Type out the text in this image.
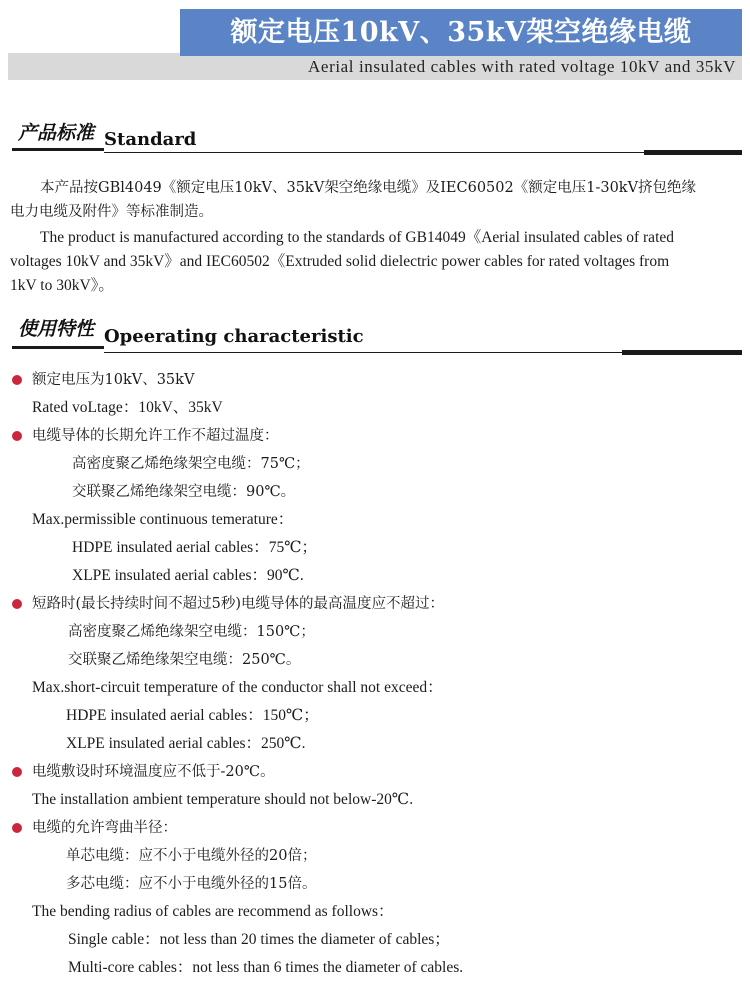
额定电压10kV、35kV架空绝缘电缆
Aerial insulated cables with rated voltage 10kV and 35kV
产品标准 Standard
本产品按GBl4049《额定电压10kV、35kV架空绝缘电缆》及IEC60502《额定电压1-30kV挤包绝缘
电力电缆及附件》等标准制造。
The product is manufactured according to the standards of GB14049《Aerial insulated cables of rated
voltages 10kV and 35kV》and IEC60502《Extruded solid dielectric power cables for rated voltages from
1kV to 30kV》。
使用特性 Opeerating characteristic
额定电压为10kV、35kV
Rated voLtage：10kV、35kV
电缆导体的长期允许工作不超过温度：
高密度聚乙烯绝缘架空电缆：75℃；
交联聚乙烯绝缘架空电缆：90℃。
Max.permissible continuous temerature：
HDPE insulated aerial cables：75℃；
XLPE insulated aerial cables：90℃.
短路时(最长持续时间不超过5秒)电缆导体的最高温度应不超过：
高密度聚乙烯绝缘架空电缆：150℃；
交联聚乙烯绝缘架空电缆：250℃。
Max.short-circuit temperature of the conductor shall not exceed：
HDPE insulated aerial cables：150℃；
XLPE insulated aerial cables：250℃.
电缆敷设时环境温度应不低于-20℃。
The installation ambient temperature should not below-20℃.
电缆的允许弯曲半径：
单芯电缆：应不小于电缆外径的20倍；
多芯电缆：应不小于电缆外径的15倍。
The bending radius of cables are recommend as follows：
Single cable：not less than 20 times the diameter of cables；
Multi-core cables：not less than 6 times the diameter of cables.
